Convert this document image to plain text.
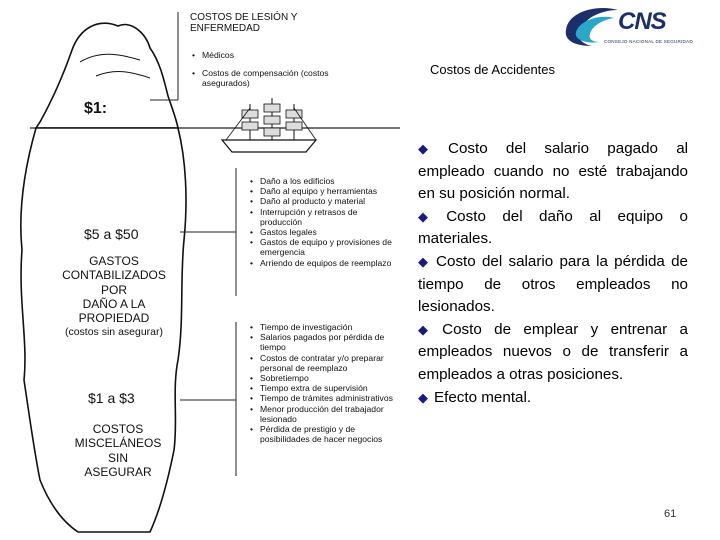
COSTOS DE LESIÓN Y
ENFERMEDAD
• Médicos
• Costos de compensación (costos asegurados)
$1:
$5 a $50
GASTOS
CONTABILIZADOS
POR
DAÑO A LA
PROPIEDAD
(costos sin asegurar)
• Daño a los edificios
• Daño al equipo y herramientas
• Daño al producto y material
• Interrupción y retrasos de producción
• Gastos legales
• Gastos de equipo y provisiones de emergencia
• Arriendo de equipos de reemplazo
$1 a $3
COSTOS
MISCELÁNEOS
SIN
ASEGURAR
• Tiempo de investigación
• Salarios pagados por pérdida de tiempo
• Costos de contratar y/o preparar personal de reemplazo
• Sobretiempo
• Tiempo extra de supervisión
• Tiempo de trámites administrativos
• Menor producción del trabajador lesionado
• Pérdida de prestigio y de posibilidades de hacer negocios
CNS
CONSEJO NACIONAL DE SEGURIDAD
Costos de Accidentes

◆ Costo del salario pagado al empleado cuando no esté trabajando en su posición normal.

◆ Costo del daño al equipo o materiales.

◆ Costo del salario para la pérdida de tiempo de otros empleados no lesionados.

◆ Costo de emplear y entrenar a empleados nuevos o de transferir a empleados a otras posiciones.

◆ Efecto mental.

61
